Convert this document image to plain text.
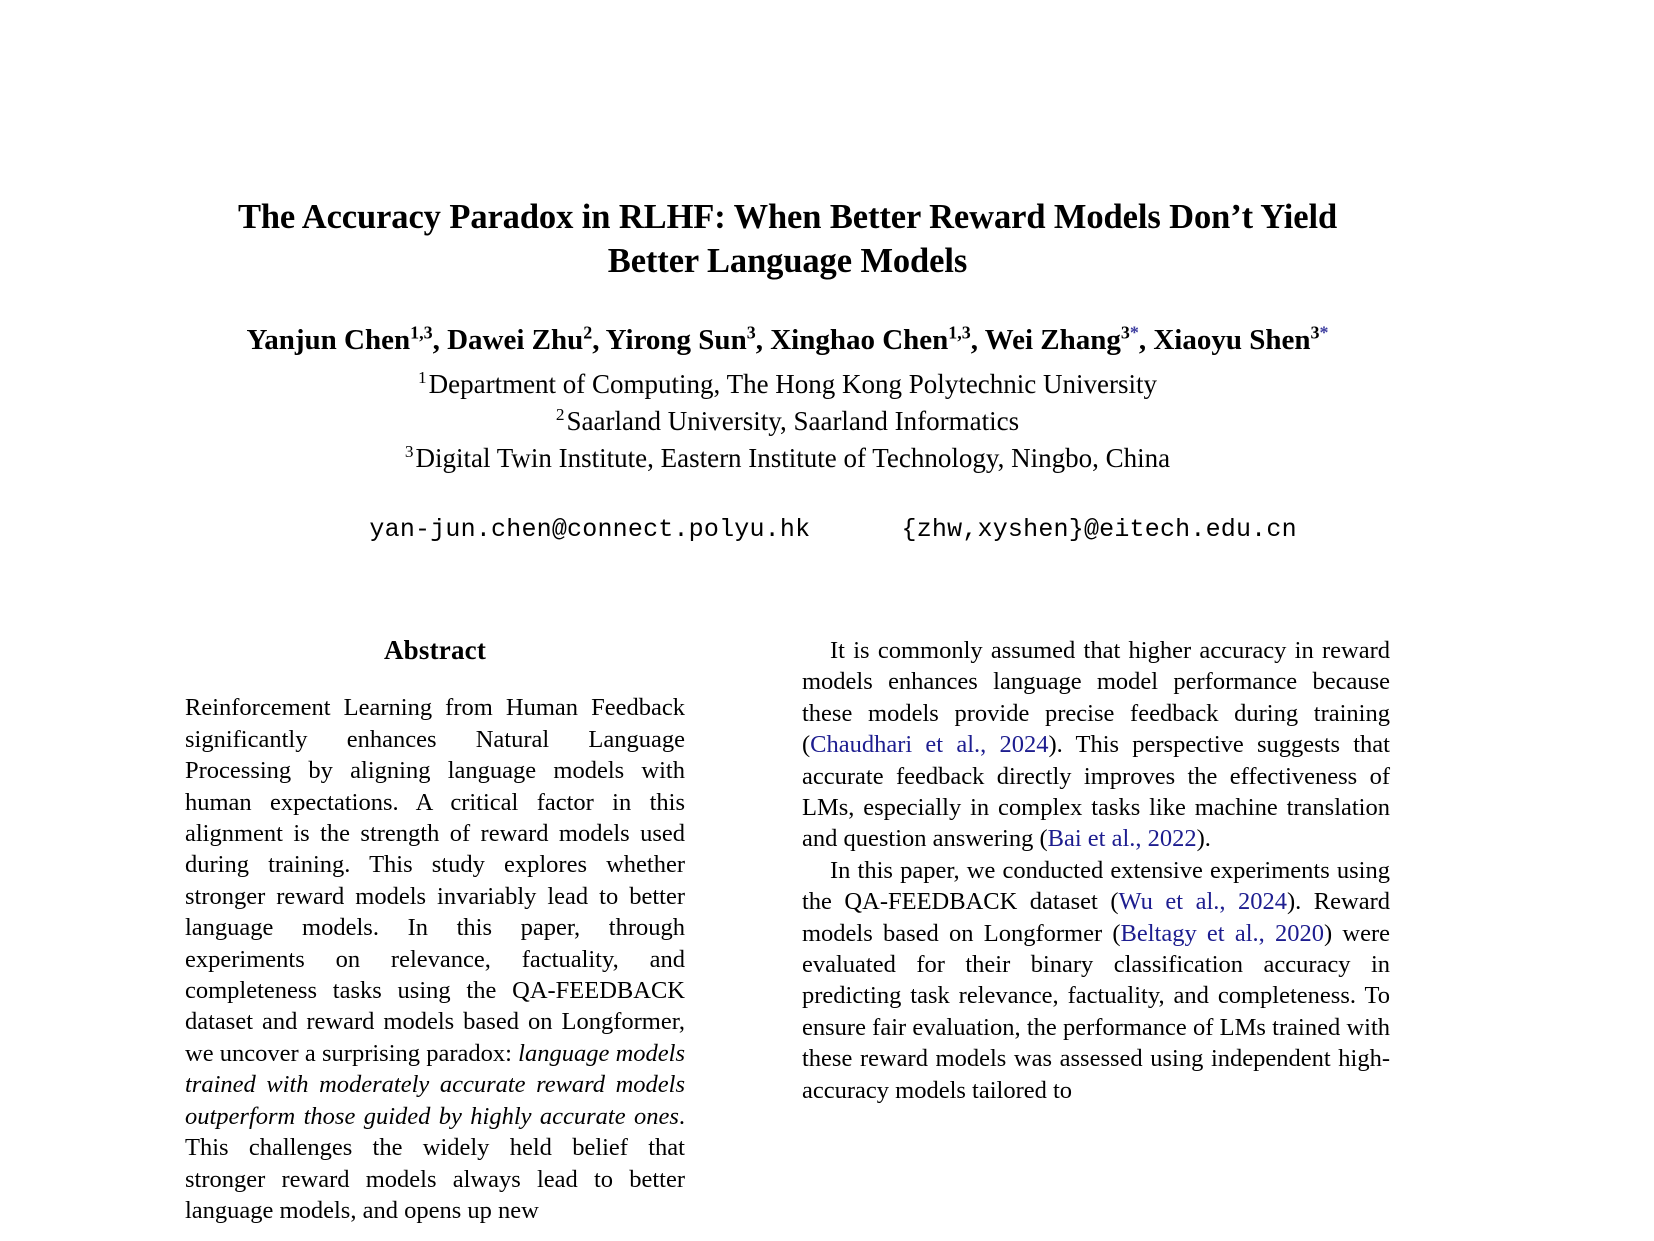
The Accuracy Paradox in RLHF: When Better Reward Models Don’t Yield
Better Language Models
Yanjun Chen$^{1,3}$, Dawei Zhu$^2$, Yirong Sun$^3$, Xinghao Chen$^{1,3}$, Wei Zhang$^{3*}$, Xiaoyu Shen$^{3*}$
$^1$Department of Computing, The Hong Kong Polytechnic University
$^2$Saarland University, Saarland Informatics
$^3$Digital Twin Institute, Eastern Institute of Technology, Ningbo, China

yan-jun.chen@connect.polyu.hk	{zhw,xyshen}@eitech.edu.cn

Abstract

Reinforcement Learning from Human Feedback significantly enhances Natural Language Processing by aligning language models with human expectations. A critical factor in this alignment is the strength of reward models used during training. This study explores whether stronger reward models invariably lead to better language models. In this paper, through experiments on relevance, factuality, and completeness tasks using the QA-FEEDBACK dataset and reward models based on Longformer, we uncover a surprising paradox: language models trained with moderately accurate reward models outperform those guided by highly accurate ones. This challenges the widely held belief that stronger reward models always lead to better language models, and opens up new

It is commonly assumed that higher accuracy in reward models enhances language model performance because these models provide precise feedback during training (Chaudhari et al., 2024). This perspective suggests that accurate feedback directly improves the effectiveness of LMs, especially in complex tasks like machine translation and question answering (Bai et al., 2022).

In this paper, we conducted extensive experiments using the QA-FEEDBACK dataset (Wu et al., 2024). Reward models based on Longformer (Beltagy et al., 2020) were evaluated for their binary classification accuracy in predicting task relevance, factuality, and completeness. To ensure fair evaluation, the performance of LMs trained with these reward models was assessed using independent high-accuracy models tailored to
